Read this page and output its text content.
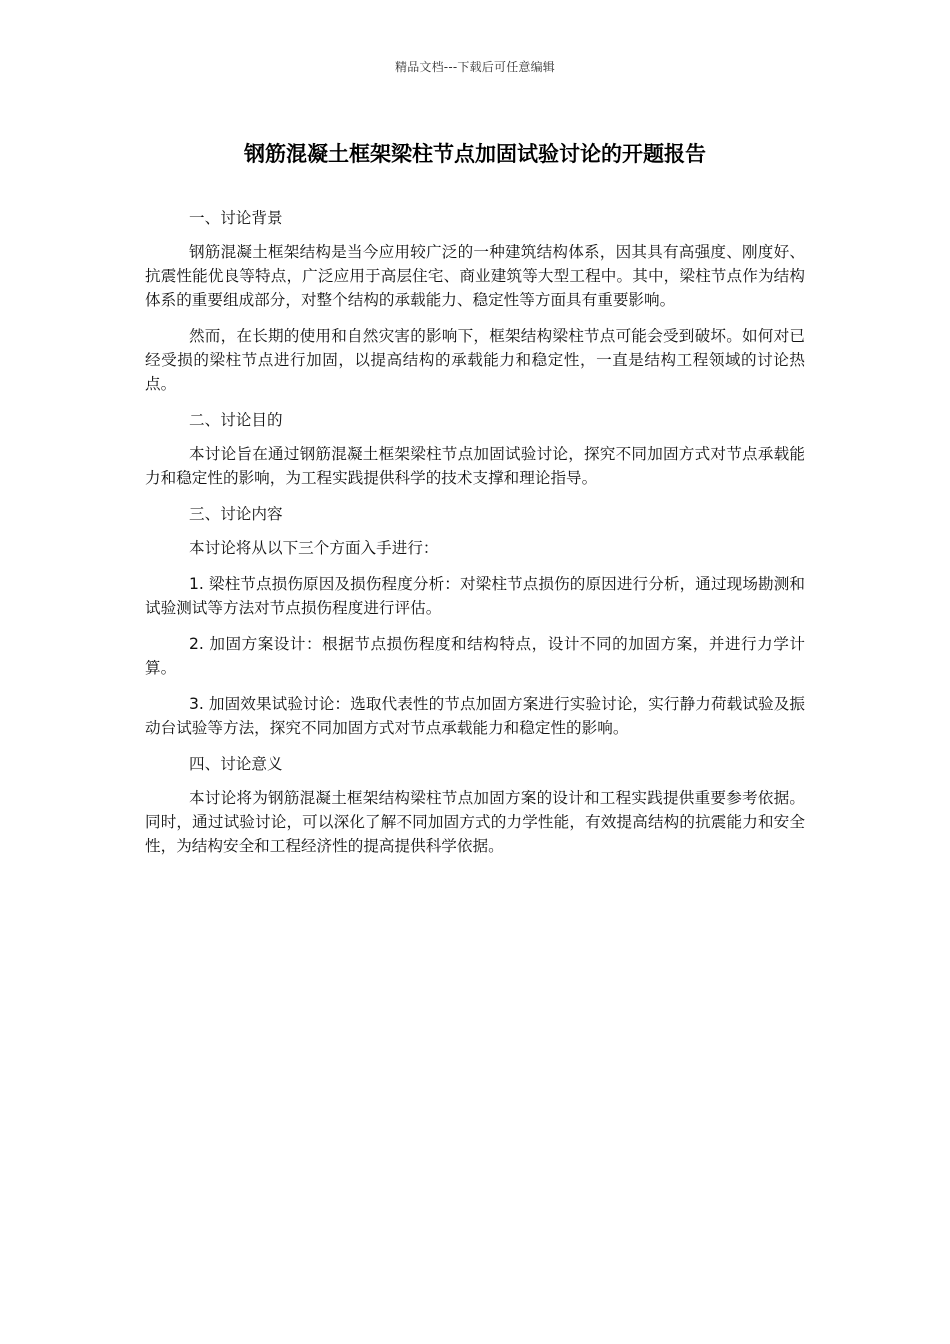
精品文档---下载后可任意编辑
钢筋混凝土框架梁柱节点加固试验讨论的开题报告
一、讨论背景

钢筋混凝土框架结构是当今应用较广泛的一种建筑结构体系，因其具有高强度、刚度好、抗震性能优良等特点，广泛应用于高层住宅、商业建筑等大型工程中。其中，梁柱节点作为结构体系的重要组成部分，对整个结构的承载能力、稳定性等方面具有重要影响。

然而，在长期的使用和自然灾害的影响下，框架结构梁柱节点可能会受到破坏。如何对已经受损的梁柱节点进行加固，以提高结构的承载能力和稳定性，一直是结构工程领域的讨论热点。

二、讨论目的

本讨论旨在通过钢筋混凝土框架梁柱节点加固试验讨论，探究不同加固方式对节点承载能力和稳定性的影响，为工程实践提供科学的技术支撑和理论指导。

三、讨论内容

本讨论将从以下三个方面入手进行：

1. 梁柱节点损伤原因及损伤程度分析：对梁柱节点损伤的原因进行分析，通过现场勘测和试验测试等方法对节点损伤程度进行评估。

2. 加固方案设计：根据节点损伤程度和结构特点，设计不同的加固方案，并进行力学计算。

3. 加固效果试验讨论：选取代表性的节点加固方案进行实验讨论，实行静力荷载试验及振动台试验等方法，探究不同加固方式对节点承载能力和稳定性的影响。

四、讨论意义

本讨论将为钢筋混凝土框架结构梁柱节点加固方案的设计和工程实践提供重要参考依据。同时，通过试验讨论，可以深化了解不同加固方式的力学性能，有效提高结构的抗震能力和安全性，为结构安全和工程经济性的提高提供科学依据。
